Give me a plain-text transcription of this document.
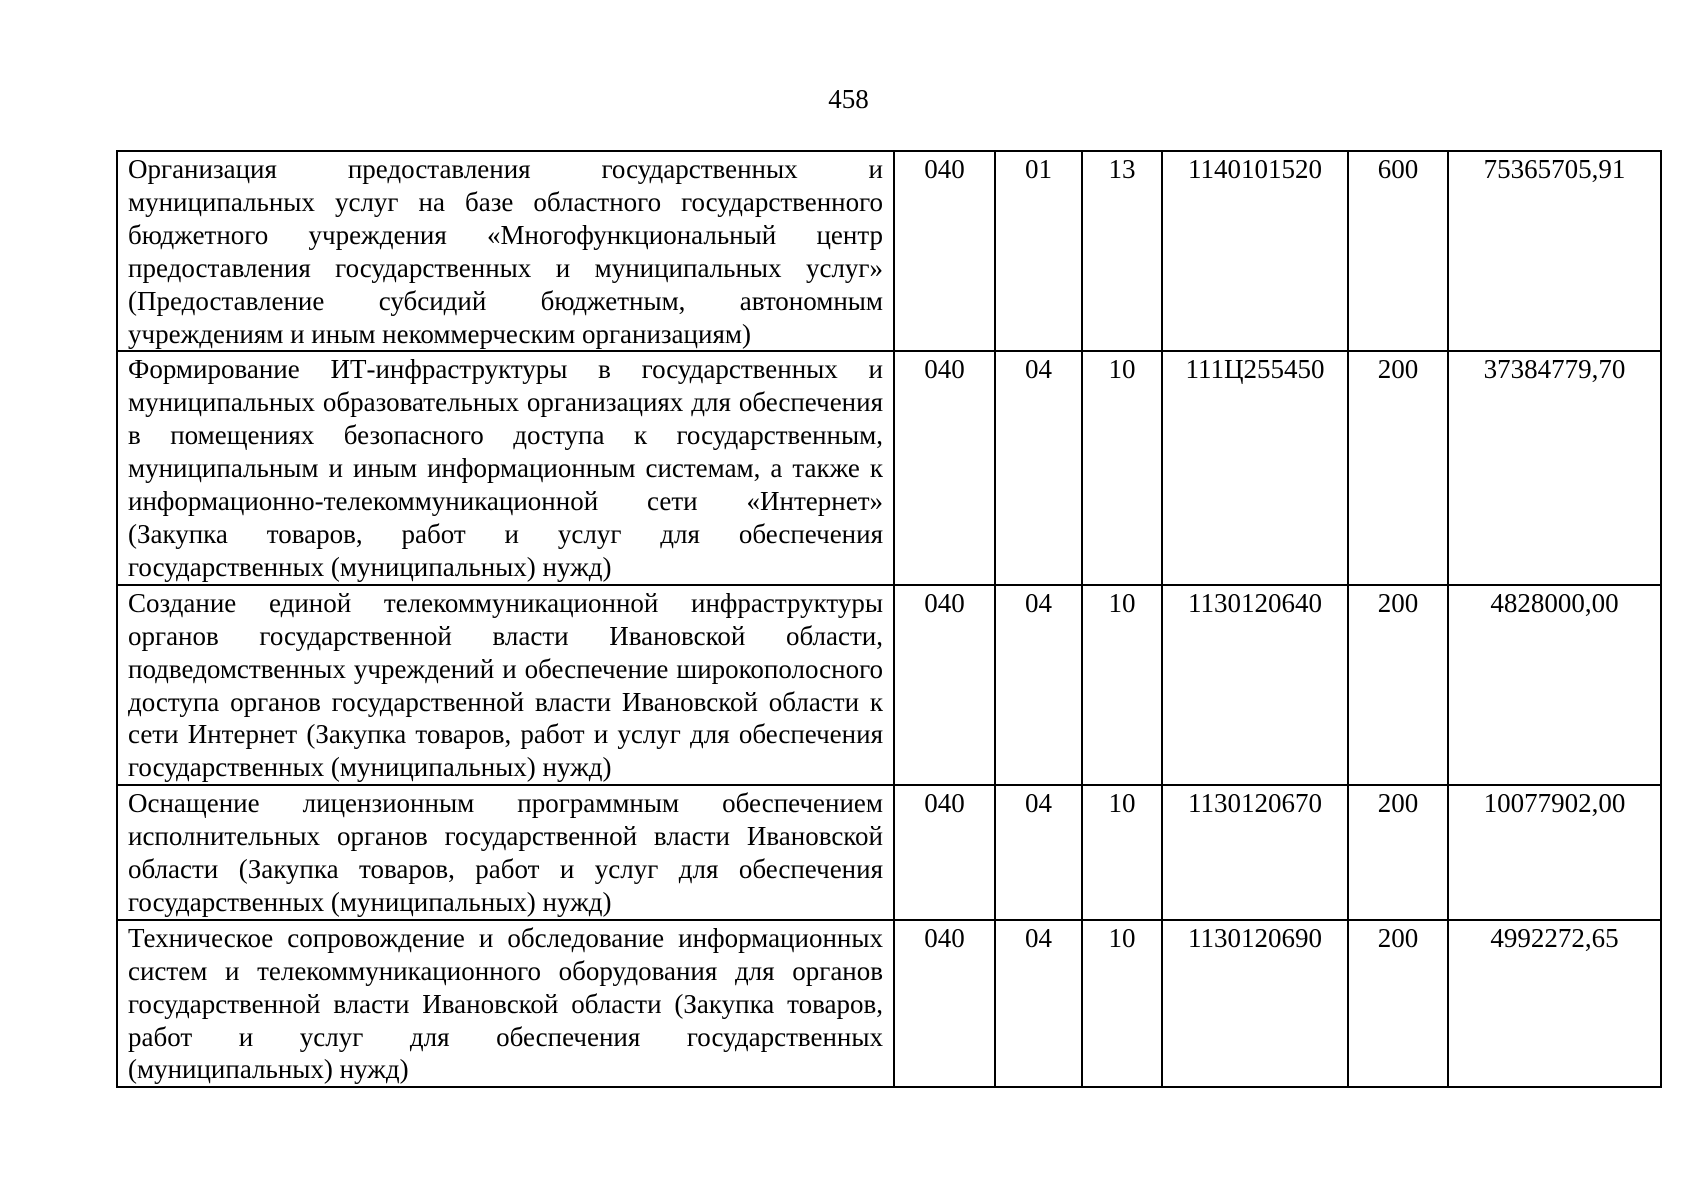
458
Организация предоставления государственных и муниципальных услуг на базе областного государственного бюджетного учреждения «Многофункциональный центр предоставления государственных и муниципальных услуг» (Предоставление субсидий бюджетным, автономным учреждениям и иным некоммерческим организациям)	040	01	13	1140101520	600	75365705,91
Формирование ИТ-инфраструктуры в государственных и муниципальных образовательных организациях для обеспечения в помещениях безопасного доступа к государственным, муниципальным и иным информационным системам, а также к информационно-телекоммуникационной сети «Интернет» (Закупка товаров, работ и услуг для обеспечения государственных (муниципальных) нужд)	040	04	10	111Ц255450	200	37384779,70
Создание единой телекоммуникационной инфраструктуры органов государственной власти Ивановской области, подведомственных учреждений и обеспечение широкополосного доступа органов государственной власти Ивановской области к сети Интернет (Закупка товаров, работ и услуг для обеспечения государственных (муниципальных) нужд)	040	04	10	1130120640	200	4828000,00
Оснащение лицензионным программным обеспечением исполнительных органов государственной власти Ивановской области (Закупка товаров, работ и услуг для обеспечения государственных (муниципальных) нужд)	040	04	10	1130120670	200	10077902,00
Техническое сопровождение и обследование информационных систем и телекоммуникационного оборудования для органов государственной власти Ивановской области (Закупка товаров, работ и услуг для обеспечения государственных (муниципальных) нужд)	040	04	10	1130120690	200	4992272,65
